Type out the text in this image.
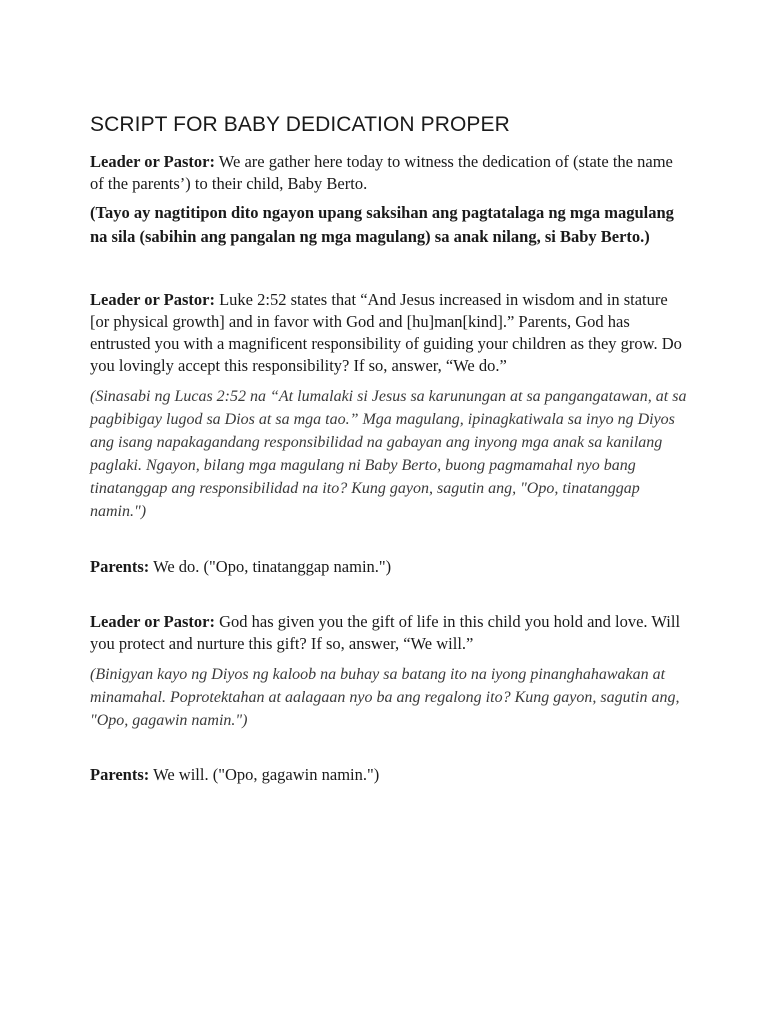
SCRIPT FOR BABY DEDICATION PROPER

Leader or Pastor: We are gather here today to witness the dedication of (state the name of the parents’) to their child, Baby Berto.

(Tayo ay nagtitipon dito ngayon upang saksihan ang pagtatalaga ng mga magulang na sila (sabihin ang pangalan ng mga magulang) sa anak nilang, si Baby Berto.)

Leader or Pastor: Luke 2:52 states that “And Jesus increased in wisdom and in stature [or physical growth] and in favor with God and [hu]man[kind].” Parents, God has entrusted you with a magnificent responsibility of guiding your children as they grow. Do you lovingly accept this responsibility? If so, answer, “We do.”

(Sinasabi ng Lucas 2:52 na “At lumalaki si Jesus sa karunungan at sa pangangatawan, at sa pagbibigay lugod sa Dios at sa mga tao.” Mga magulang, ipinagkatiwala sa inyo ng Diyos ang isang napakagandang responsibilidad na gabayan ang inyong mga anak sa kanilang paglaki. Ngayon, bilang mga magulang ni Baby Berto, buong pagmamahal nyo bang tinatanggap ang responsibilidad na ito? Kung gayon, sagutin ang, "Opo, tinatanggap namin.")

Parents: We do. ("Opo, tinatanggap namin.")

Leader or Pastor: God has given you the gift of life in this child you hold and love. Will you protect and nurture this gift? If so, answer, “We will.”

(Binigyan kayo ng Diyos ng kaloob na buhay sa batang ito na iyong pinanghahawakan at minamahal. Poprotektahan at aalagaan nyo ba ang regalong ito? Kung gayon, sagutin ang, "Opo, gagawin namin.")

Parents: We will. ("Opo, gagawin namin.")
